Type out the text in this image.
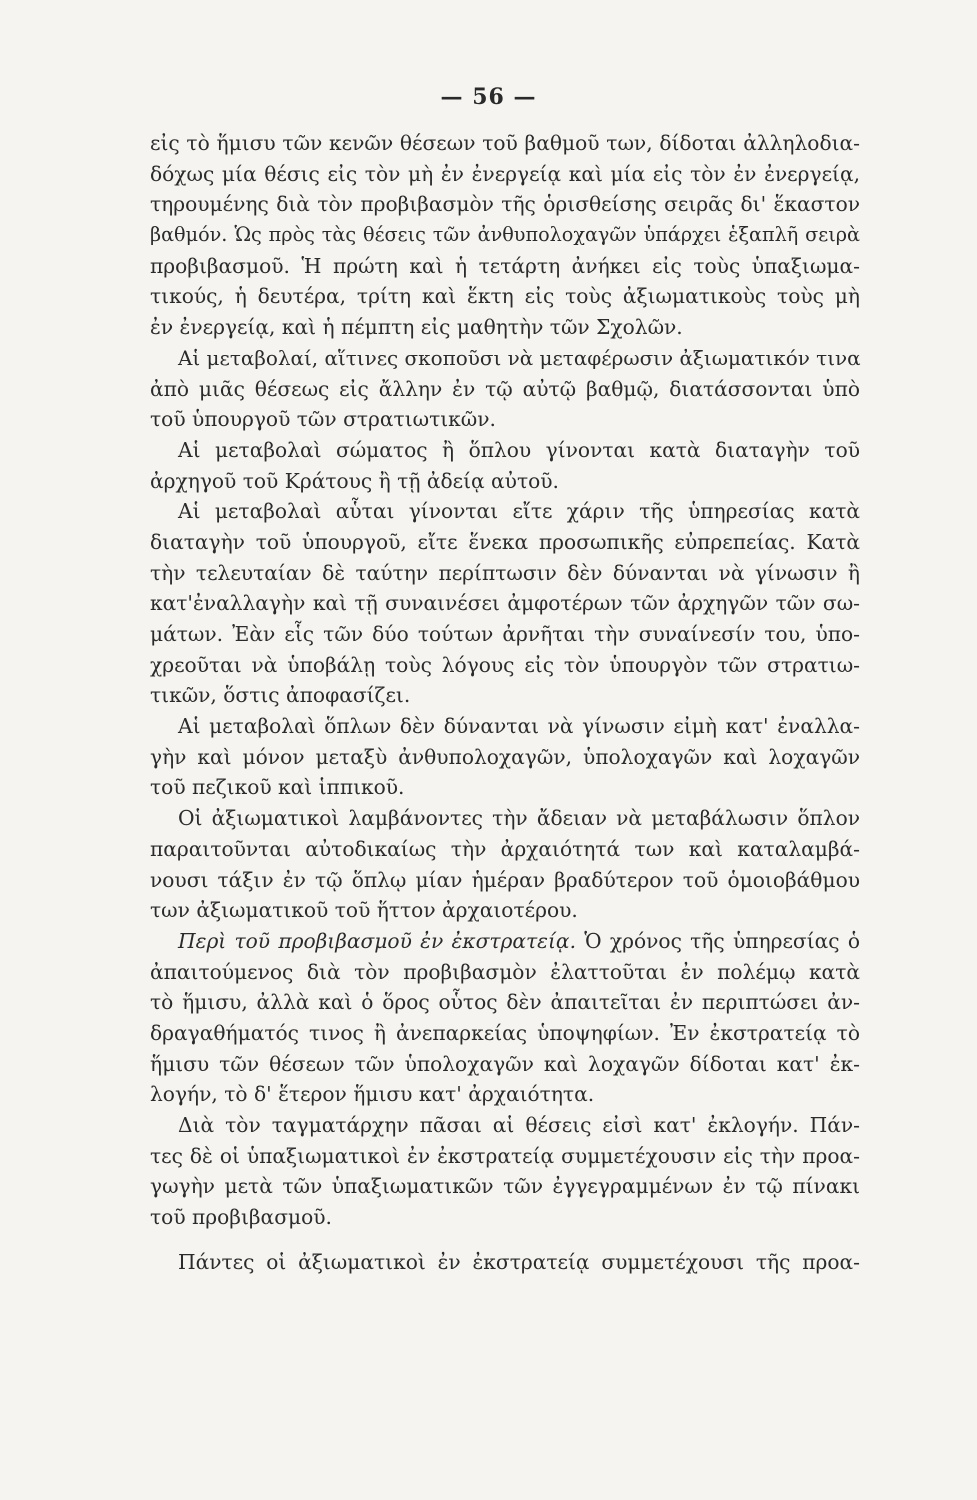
— 56 —
εἰς τὸ ἥμισυ τῶν κενῶν θέσεων τοῦ βαθμοῦ των, δίδοται ἀλληλοδια-
δόχως μία θέσις εἰς τὸν μὴ ἐν ἐνεργείᾳ καὶ μία εἰς τὸν ἐν ἐνεργείᾳ,
τηρουμένης διὰ τὸν προβιβασμὸν τῆς ὁρισθείσης σειρᾶς δι' ἕκαστον
βαθμόν. Ὡς πρὸς τὰς θέσεις τῶν ἀνθυπολοχαγῶν ὑπάρχει ἑξαπλῆ σειρὰ
προβιβασμοῦ. Ἡ πρώτη καὶ ἡ τετάρτη ἀνήκει εἰς τοὺς ὑπαξιωμα-
τικούς, ἡ δευτέρα, τρίτη καὶ ἕκτη εἰς τοὺς ἀξιωματικοὺς τοὺς μὴ
ἐν ἐνεργείᾳ, καὶ ἡ πέμπτη εἰς μαθητὴν τῶν Σχολῶν.
Αἱ μεταβολαί, αἵτινες σκοποῦσι νὰ μεταφέρωσιν ἀξιωματικόν τινα
ἀπὸ μιᾶς θέσεως εἰς ἄλλην ἐν τῷ αὐτῷ βαθμῷ, διατάσσονται ὑπὸ
τοῦ ὑπουργοῦ τῶν στρατιωτικῶν.
Αἱ μεταβολαὶ σώματος ἢ ὅπλου γίνονται κατὰ διαταγὴν τοῦ
ἀρχηγοῦ τοῦ Κράτους ἢ τῇ ἀδείᾳ αὐτοῦ.
Αἱ μεταβολαὶ αὗται γίνονται εἴτε χάριν τῆς ὑπηρεσίας κατὰ
διαταγὴν τοῦ ὑπουργοῦ, εἴτε ἕνεκα προσωπικῆς εὐπρεπείας. Κατὰ
τὴν τελευταίαν δὲ ταύτην περίπτωσιν δὲν δύνανται νὰ γίνωσιν ἢ
κατ'ἐναλλαγὴν καὶ τῇ συναινέσει ἀμφοτέρων τῶν ἀρχηγῶν τῶν σω-
μάτων. Ἐὰν εἷς τῶν δύο τούτων ἀρνῆται τὴν συναίνεσίν του, ὑπο-
χρεοῦται νὰ ὑποβάλῃ τοὺς λόγους εἰς τὸν ὑπουργὸν τῶν στρατιω-
τικῶν, ὅστις ἀποφασίζει.
Αἱ μεταβολαὶ ὅπλων δὲν δύνανται νὰ γίνωσιν εἰμὴ κατ' ἐναλλα-
γὴν καὶ μόνον μεταξὺ ἀνθυπολοχαγῶν, ὑπολοχαγῶν καὶ λοχαγῶν
τοῦ πεζικοῦ καὶ ἱππικοῦ.
Οἱ ἀξιωματικοὶ λαμβάνοντες τὴν ἄδειαν νὰ μεταβάλωσιν ὅπλον
παραιτοῦνται αὐτοδικαίως τὴν ἀρχαιότητά των καὶ καταλαμβά-
νουσι τάξιν ἐν τῷ ὅπλῳ μίαν ἡμέραν βραδύτερον τοῦ ὁμοιοβάθμου
των ἀξιωματικοῦ τοῦ ἥττον ἀρχαιοτέρου.
Περὶ τοῦ προβιβασμοῦ ἐν ἐκστρατείᾳ. Ὁ χρόνος τῆς ὑπηρεσίας ὁ
ἀπαιτούμενος διὰ τὸν προβιβασμὸν ἐλαττοῦται ἐν πολέμῳ κατὰ
τὸ ἥμισυ, ἀλλὰ καὶ ὁ ὅρος οὗτος δὲν ἀπαιτεῖται ἐν περιπτώσει ἀν-
δραγαθήματός τινος ἢ ἀνεπαρκείας ὑποψηφίων. Ἐν ἐκστρατείᾳ τὸ
ἥμισυ τῶν θέσεων τῶν ὑπολοχαγῶν καὶ λοχαγῶν δίδοται κατ' ἐκ-
λογήν, τὸ δ' ἕτερον ἥμισυ κατ' ἀρχαιότητα.
Διὰ τὸν ταγματάρχην πᾶσαι αἱ θέσεις εἰσὶ κατ' ἐκλογήν. Πάν-
τες δὲ οἱ ὑπαξιωματικοὶ ἐν ἐκστρατείᾳ συμμετέχουσιν εἰς τὴν προα-
γωγὴν μετὰ τῶν ὑπαξιωματικῶν τῶν ἐγγεγραμμένων ἐν τῷ πίνακι
τοῦ προβιβασμοῦ.
Πάντες οἱ ἀξιωματικοὶ ἐν ἐκστρατείᾳ συμμετέχουσι τῆς προα-
